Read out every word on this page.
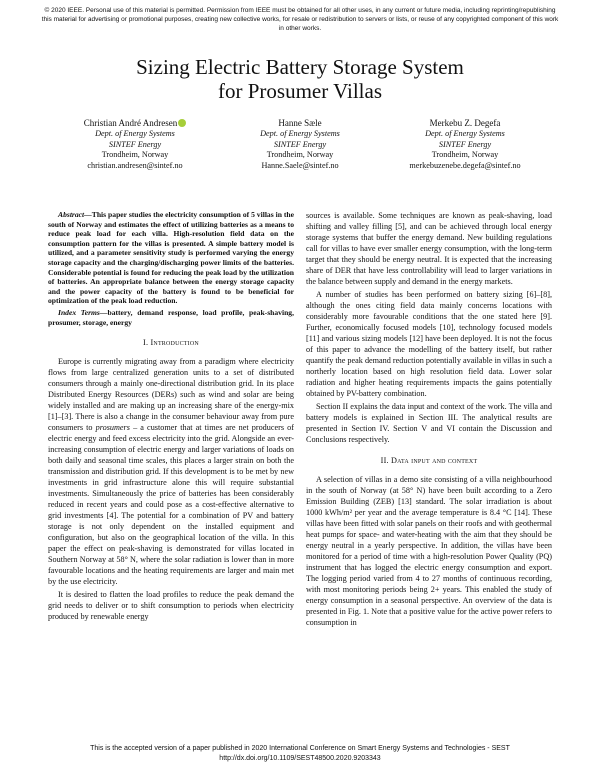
© 2020 IEEE. Personal use of this material is permitted. Permission from IEEE must be obtained for all other uses, in any current or future media, including reprinting/republishing this material for advertising or promotional purposes, creating new collective works, for resale or redistribution to servers or lists, or reuse of any copyrighted component of this work in other works.
Sizing Electric Battery Storage System
for Prosumer Villas
Christian André Andresen
Dept. of Energy Systems
SINTEF Energy
Trondheim, Norway
christian.andresen@sintef.no
Hanne Sæle
Dept. of Energy Systems
SINTEF Energy
Trondheim, Norway
Hanne.Saele@sintef.no
Merkebu Z. Degefa
Dept. of Energy Systems
SINTEF Energy
Trondheim, Norway
merkebuzenebe.degefa@sintef.no

Abstract—This paper studies the electricity consumption of 5 villas in the south of Norway and estimates the effect of utilizing batteries as a means to reduce peak load for each villa. High-resolution field data on the consumption pattern for the villas is presented. A simple battery model is utilized, and a parameter sensitivity study is performed varying the energy storage capacity and the charging/discharging power limits of the batteries. Considerable potential is found for reducing the peak load by the utilization of batteries. An appropriate balance between the energy storage capacity and the power capacity of the battery is found to be beneficial for optimization of the peak load reduction.

Index Terms—battery, demand response, load profile, peak-shaving, prosumer, storage, energy

I. Introduction

Europe is currently migrating away from a paradigm where electricity flows from large centralized generation units to a set of distributed consumers through a mainly one-directional distribution grid. In its place Distributed Energy Resources (DERs) such as wind and solar are being widely installed and are making up an increasing share of the energy-mix [1]–[3]. There is also a change in the consumer behaviour away from pure consumers to prosumers – a customer that at times are net producers of electric energy and feed excess electricity into the grid. Alongside an ever-increasing consumption of electric energy and larger variations of loads on both daily and seasonal time scales, this places a larger strain on both the transmission and distribution grid. If this development is to be met by new investments in grid infrastructure alone this will require substantial investments. Simultaneously the price of batteries has been considerably reduced in recent years and could pose as a cost-effective alternative to grid investments [4]. The potential for a combination of PV and battery storage is not only dependent on the installed equipment and configuration, but also on the geographical location of the villa. In this paper the effect on peak-shaving is demonstrated for villas located in Southern Norway at 58° N, where the solar radiation is lower than in more favourable locations and the heating requirements are larger and main met by the use electricity.

It is desired to flatten the load profiles to reduce the peak demand the grid needs to deliver or to shift consumption to periods when electricity produced by renewable energy

sources is available. Some techniques are known as peak-shaving, load shifting and valley filling [5], and can be achieved through local energy storage systems that buffer the energy demand. New building regulations call for villas to have ever smaller energy consumption, with the long-term target that they should be energy neutral. It is expected that the increasing share of DER that have less controllability will lead to larger variations in the balance between supply and demand in the energy markets.

A number of studies has been performed on battery sizing [6]–[8], although the ones citing field data mainly concerns locations with considerably more favourable conditions that the one stated here [9]. Further, economically focused models [10], technology focused models [11] and various sizing models [12] have been deployed. It is not the focus of this paper to advance the modelling of the battery itself, but rather quantify the peak demand reduction potentially available in villas in such a northerly location based on high resolution field data. Lower solar radiation and higher heating requirements impacts the gains potentially obtained by PV-battery combination.

Section II explains the data input and context of the work. The villa and battery models is explained in Section III. The analytical results are presented in Section IV. Section V and VI contain the Discussion and Conclusions respectively.

II. Data input and context

A selection of villas in a demo site consisting of a villa neighbourhood in the south of Norway (at 58° N) have been built according to a Zero Emission Building (ZEB) [13] standard. The solar irradiation is about 1000 kWh/m² per year and the average temperature is 8.4 °C [14]. These villas have been fitted with solar panels on their roofs and with geothermal heat pumps for space- and water-heating with the aim that they should be energy neutral in a yearly perspective. In addition, the villas have been monitored for a period of time with a high-resolution Power Quality (PQ) instrument that has logged the electric energy consumption and export. The logging period varied from 4 to 27 months of continuous recording, with most monitoring periods being 2+ years. This enabled the study of energy consumption in a seasonal perspective. An overview of the data is presented in Fig. 1. Note that a positive value for the active power refers to consumption in

This is the accepted version of a paper published in 2020 International Conference on Smart Energy Systems and Technologies - SEST
http://dx.doi.org/10.1109/SEST48500.2020.9203343
